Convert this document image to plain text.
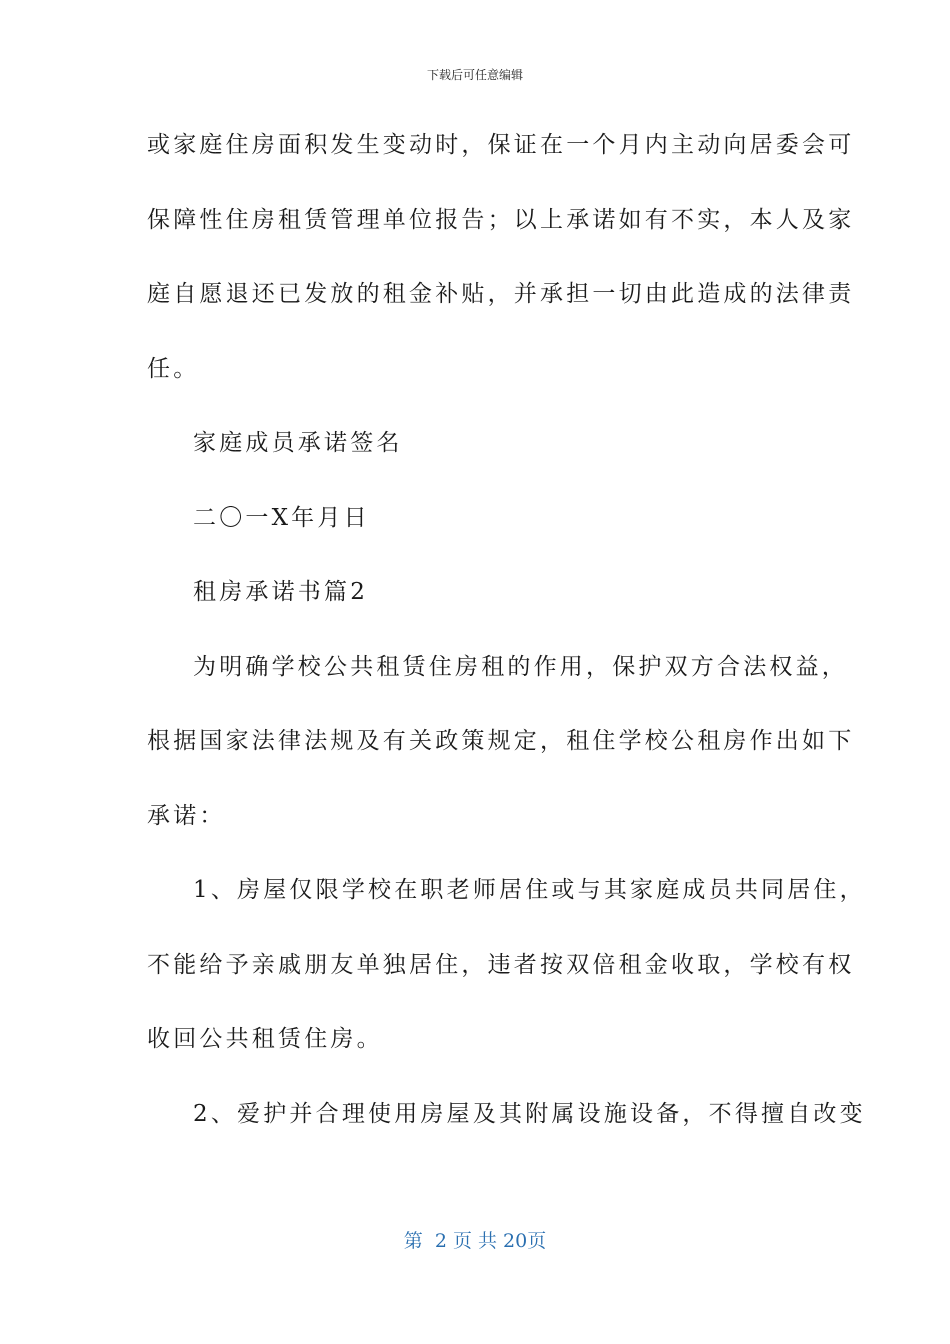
下载后可任意编辑
或家庭住房面积发生变动时，保证在一个月内主动向居委会可
保障性住房租赁管理单位报告；以上承诺如有不实，本人及家
庭自愿退还已发放的租金补贴，并承担一切由此造成的法律责
任。
家庭成员承诺签名
二〇一X年月日
租房承诺书篇2
为明确学校公共租赁住房租的作用，保护双方合法权益，
根据国家法律法规及有关政策规定，租住学校公租房作出如下
承诺：
1、房屋仅限学校在职老师居住或与其家庭成员共同居住，
不能给予亲戚朋友单独居住，违者按双倍租金收取，学校有权
收回公共租赁住房。
2、爱护并合理使用房屋及其附属设施设备，不得擅自改变
第  2 页 共 20页
